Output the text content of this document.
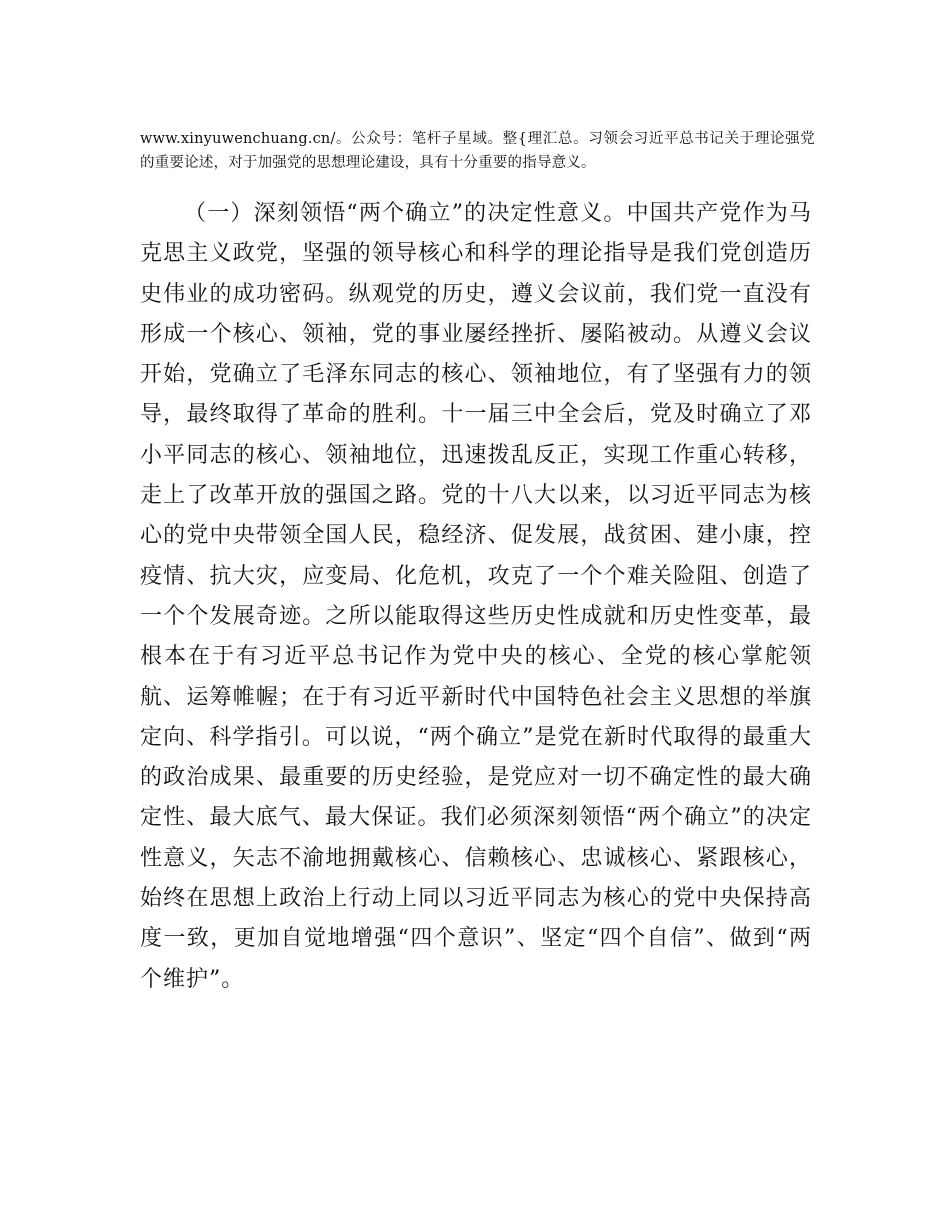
www.xinyuwenchuang.cn/。公众号：笔杆子星域。整{理汇总。习领会习近平总书记关于理论强党的重要论述，对于加强党的思想理论建设，具有十分重要的指导意义。

（一）深刻领悟“两个确立”的决定性意义。中国共产党作为马克思主义政党，坚强的领导核心和科学的理论指导是我们党创造历史伟业的成功密码。纵观党的历史，遵义会议前，我们党一直没有形成一个核心、领袖，党的事业屡经挫折、屡陷被动。从遵义会议开始，党确立了毛泽东同志的核心、领袖地位，有了坚强有力的领导，最终取得了革命的胜利。十一届三中全会后，党及时确立了邓小平同志的核心、领袖地位，迅速拨乱反正，实现工作重心转移，走上了改革开放的强国之路。党的十八大以来，以习近平同志为核心的党中央带领全国人民，稳经济、促发展，战贫困、建小康，控疫情、抗大灾，应变局、化危机，攻克了一个个难关险阻、创造了一个个发展奇迹。之所以能取得这些历史性成就和历史性变革，最根本在于有习近平总书记作为党中央的核心、全党的核心掌舵领航、运筹帷幄；在于有习近平新时代中国特色社会主义思想的举旗定向、科学指引。可以说，“两个确立”是党在新时代取得的最重大的政治成果、最重要的历史经验，是党应对一切不确定性的最大确定性、最大底气、最大保证。我们必须深刻领悟“两个确立”的决定性意义，矢志不渝地拥戴核心、信赖核心、忠诚核心、紧跟核心，始终在思想上政治上行动上同以习近平同志为核心的党中央保持高度一致，更加自觉地增强“四个意识”、坚定“四个自信”、做到“两个维护”。
